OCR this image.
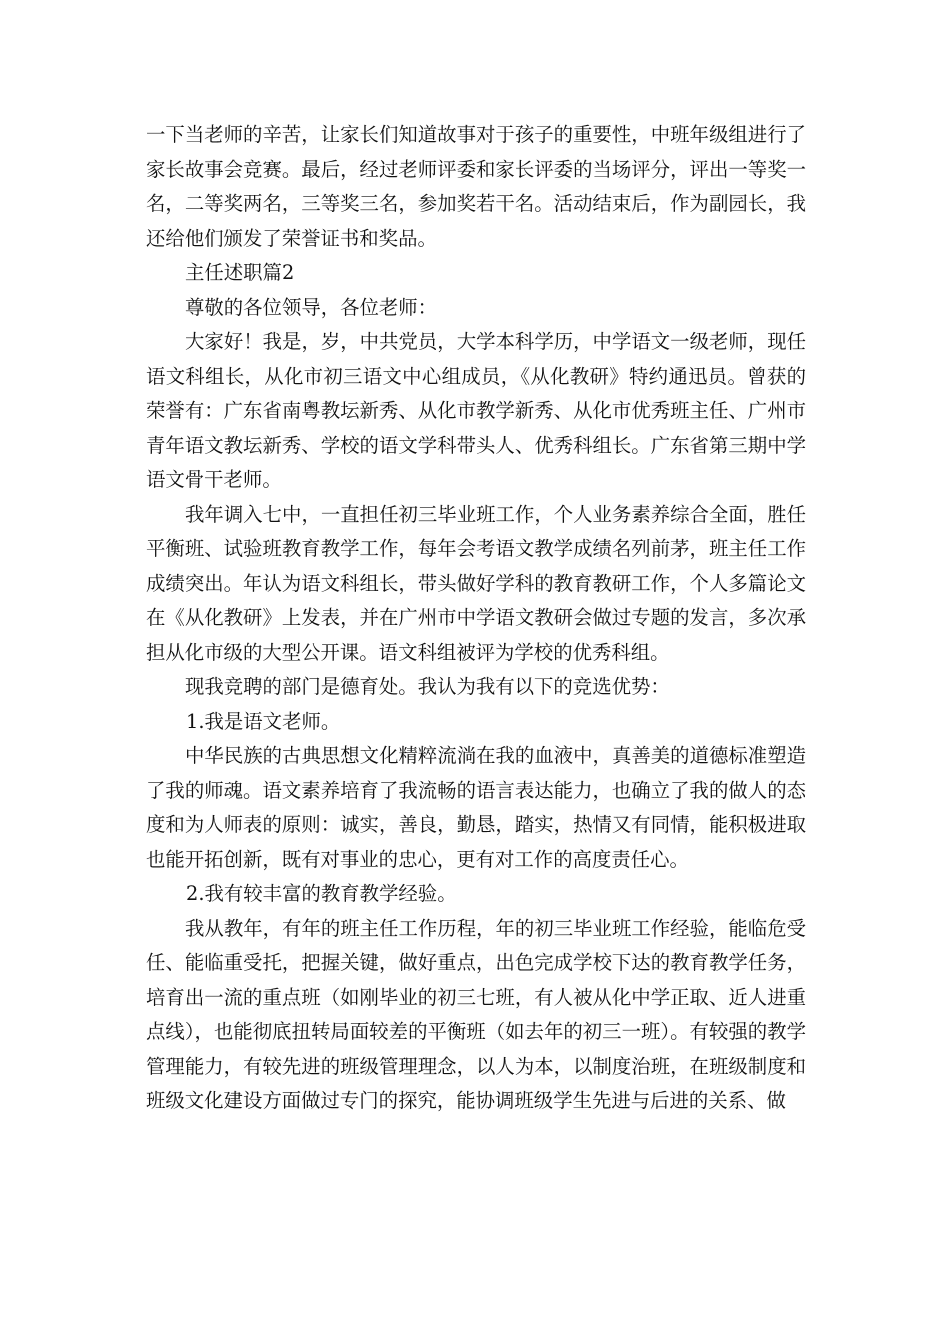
一下当老师的辛苦，让家长们知道故事对于孩子的重要性，中班年级组进行了家长故事会竞赛。最后，经过老师评委和家长评委的当场评分，评出一等奖一名，二等奖两名，三等奖三名，参加奖若干名。活动结束后，作为副园长，我还给他们颁发了荣誉证书和奖品。

主任述职篇2

尊敬的各位领导，各位老师：

大家好！我是，岁，中共党员，大学本科学历，中学语文一级老师，现任语文科组长，从化市初三语文中心组成员，《从化教研》特约通迅员。曾获的荣誉有：广东省南粤教坛新秀、从化市教学新秀、从化市优秀班主任、广州市青年语文教坛新秀、学校的语文学科带头人、优秀科组长。广东省第三期中学语文骨干老师。

我年调入七中，一直担任初三毕业班工作，个人业务素养综合全面，胜任平衡班、试验班教育教学工作，每年会考语文教学成绩名列前茅，班主任工作成绩突出。年认为语文科组长，带头做好学科的教育教研工作，个人多篇论文在《从化教研》上发表，并在广州市中学语文教研会做过专题的发言，多次承担从化市级的大型公开课。语文科组被评为学校的优秀科组。

现我竞聘的部门是德育处。我认为我有以下的竞选优势：

1.我是语文老师。

中华民族的古典思想文化精粹流淌在我的血液中，真善美的道德标准塑造了我的师魂。语文素养培育了我流畅的语言表达能力，也确立了我的做人的态度和为人师表的原则：诚实，善良，勤恳，踏实，热情又有同情，能积极进取也能开拓创新，既有对事业的忠心，更有对工作的高度责任心。

2.我有较丰富的教育教学经验。

我从教年，有年的班主任工作历程，年的初三毕业班工作经验，能临危受任、能临重受托，把握关键，做好重点，出色完成学校下达的教育教学任务，培育出一流的重点班（如刚毕业的初三七班，有人被从化中学正取、近人进重点线），也能彻底扭转局面较差的平衡班（如去年的初三一班）。有较强的教学管理能力，有较先进的班级管理理念，以人为本，以制度治班，在班级制度和班级文化建设方面做过专门的探究，能协调班级学生先进与后进的关系、做
